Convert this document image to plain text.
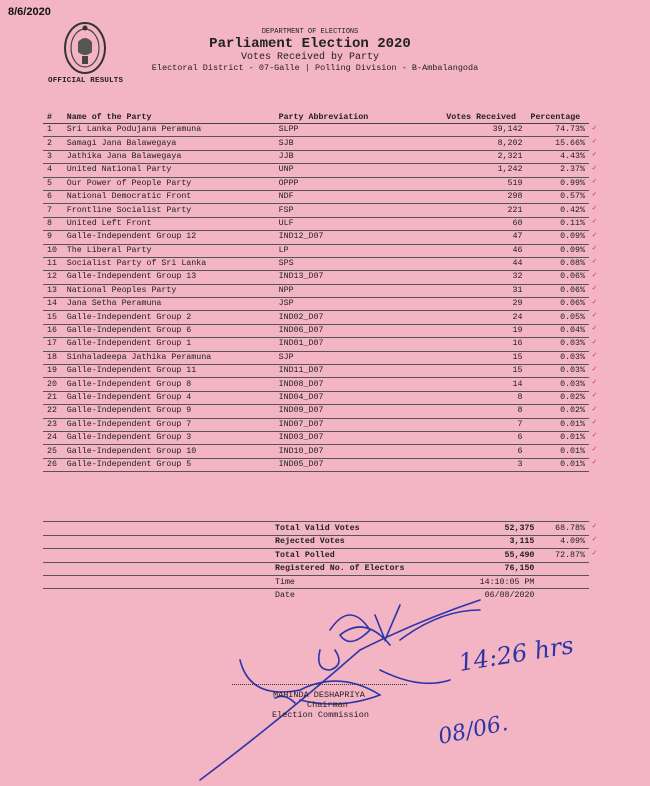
8/6/2020
OFFICIAL RESULTS
DEPARTMENT OF ELECTIONS
Parliament Election 2020
Votes Received by Party
Electoral District - 07-Galle | Polling Division - B-Ambalangoda
#	Name of the Party	Party Abbreviation	Votes Received	Percentage
1	Sri Lanka Podujana Peramuna	SLPP	39,142	74.73%
2	Samagi Jana Balawegaya	SJB	8,202	15.66%
3	Jathika Jana Balawegaya	JJB	2,321	4.43%
4	United National Party	UNP	1,242	2.37%
5	Our Power of People Party	OPPP	519	0.99%
6	National Democratic Front	NDF	298	0.57%
7	Frontline Socialist Party	FSP	221	0.42%
8	United Left Front	ULF	60	0.11%
9	Galle-Independent Group 12	IND12_D07	47	0.09%
10	The Liberal Party	LP	46	0.09%
11	Socialist Party of Sri Lanka	SPS	44	0.08%
12	Galle-Independent Group 13	IND13_D07	32	0.06%
13	National Peoples Party	NPP	31	0.06%
14	Jana Setha Peramuna	JSP	29	0.06%
15	Galle-Independent Group 2	IND02_D07	24	0.05%
16	Galle-Independent Group 6	IND06_D07	19	0.04%
17	Galle-Independent Group 1	IND01_D07	16	0.03%
18	Sinhaladeepa Jathika Peramuna	SJP	15	0.03%
19	Galle-Independent Group 11	IND11_D07	15	0.03%
20	Galle-Independent Group 8	IND08_D07	14	0.03%
21	Galle-Independent Group 4	IND04_D07	8	0.02%
22	Galle-Independent Group 9	IND09_D07	8	0.02%
23	Galle-Independent Group 7	IND07_D07	7	0.01%
24	Galle-Independent Group 3	IND03_D07	6	0.01%
25	Galle-Independent Group 10	IND10_D07	6	0.01%
26	Galle-Independent Group 5	IND05_D07	3	0.01%

	Total Valid Votes	52,375	68.78%
	Rejected Votes	3,115	4.09%
	Total Polled	55,490	72.87%
	Registered No. of Electors	76,150	
	Time	14:10:05 PM	
	Date	06/08/2020	
MAHINDA DESHAPRIYA
Chairman
Election Commission
14:26 hrs
08/06.
✓
✓
✓
✓
✓
✓
✓
✓
✓
✓
✓
✓
✓
✓
✓
✓
✓
✓
✓
✓
✓
✓
✓
✓
✓
✓
✓
✓
✓
